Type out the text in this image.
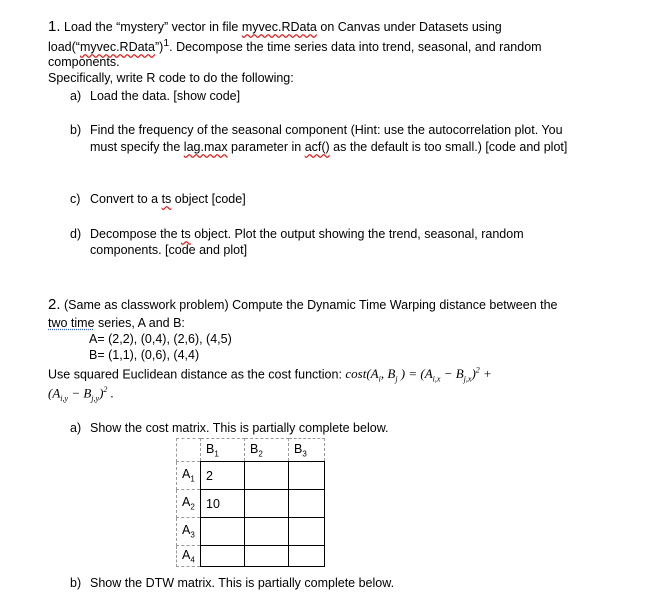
1. Load the “mystery” vector in file myvec.RData on Canvas under Datasets using
load(“myvec.RData”)$^1$. Decompose the time series data into trend, seasonal, and random
components.
Specifically, write R code to do the following:
a) Load the data. [show code]
b) Find the frequency of the seasonal component (Hint: use the autocorrelation plot. You
must specify the lag.max parameter in acf() as the default is too small.) [code and plot]
c) Convert to a ts object [code]
d) Decompose the ts object. Plot the output showing the trend, seasonal, random
components. [code and plot]
2. (Same as classwork problem) Compute the Dynamic Time Warping distance between the
two time series, A and B:
A= (2,2), (0,4), (2,6), (4,5)
B= (1,1), (0,6), (4,4)
Use squared Euclidean distance as the cost function: $\cos t(A_i$, $B_j$ ) = $(A_{i,x} - B_{j,x})^2$ +
$(A_{i,y} - B_{j,y})^2$ .
a) Show the cost matrix. This is partially complete below.
	$B_1$	$B_2$	$B_3$
$A_1$	2		
$A_2$	10		
$A_3$			
$A_4$			
b) Show the DTW matrix. This is partially complete below.
